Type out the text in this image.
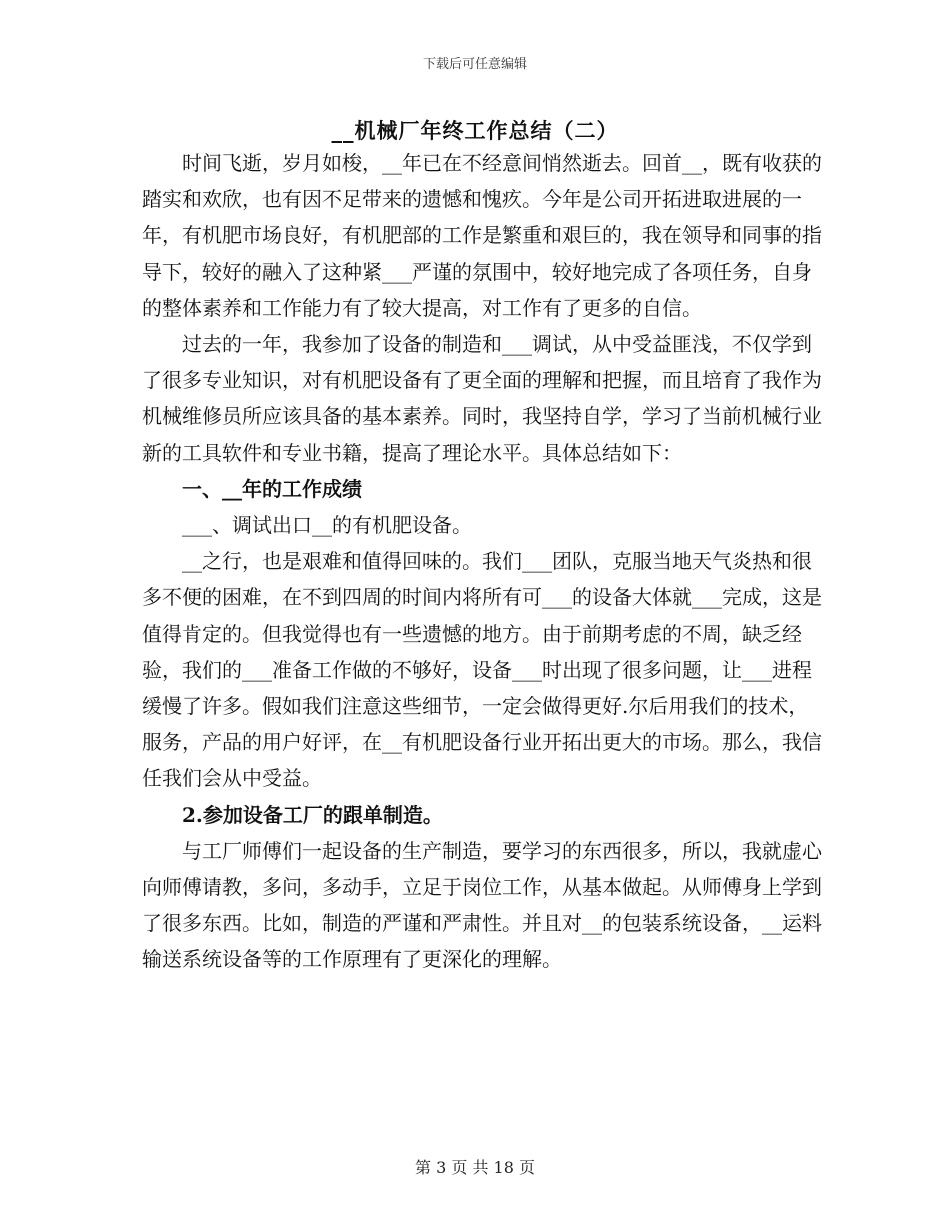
下载后可任意编辑
__机械厂年终工作总结（二）

时间飞逝，岁月如梭，__年已在不经意间悄然逝去。回首__，既有收获的踏实和欢欣，也有因不足带来的遗憾和愧疚。今年是公司开拓进取进展的一年，有机肥市场良好，有机肥部的工作是繁重和艰巨的，我在领导和同事的指导下，较好的融入了这种紧___严谨的氛围中，较好地完成了各项任务，自身的整体素养和工作能力有了较大提高，对工作有了更多的自信。

过去的一年，我参加了设备的制造和___调试，从中受益匪浅，不仅学到了很多专业知识，对有机肥设备有了更全面的理解和把握，而且培育了我作为机械维修员所应该具备的基本素养。同时，我坚持自学，学习了当前机械行业新的工具软件和专业书籍，提高了理论水平。具体总结如下：

一、__年的工作成绩

___、调试出口__的有机肥设备。

__之行，也是艰难和值得回味的。我们___团队，克服当地天气炎热和很多不便的困难，在不到四周的时间内将所有可___的设备大体就___完成，这是值得肯定的。但我觉得也有一些遗憾的地方。由于前期考虑的不周，缺乏经验，我们的___准备工作做的不够好，设备___时出现了很多问题，让___进程缓慢了许多。假如我们注意这些细节，一定会做得更好.尔后用我们的技术，服务，产品的用户好评，在__有机肥设备行业开拓出更大的市场。那么，我信任我们会从中受益。

2.参加设备工厂的跟单制造。

与工厂师傅们一起设备的生产制造，要学习的东西很多，所以，我就虚心向师傅请教，多问，多动手，立足于岗位工作，从基本做起。从师傅身上学到了很多东西。比如，制造的严谨和严肃性。并且对__的包装系统设备，__运料输送系统设备等的工作原理有了更深化的理解。

第 3 页 共 18 页
